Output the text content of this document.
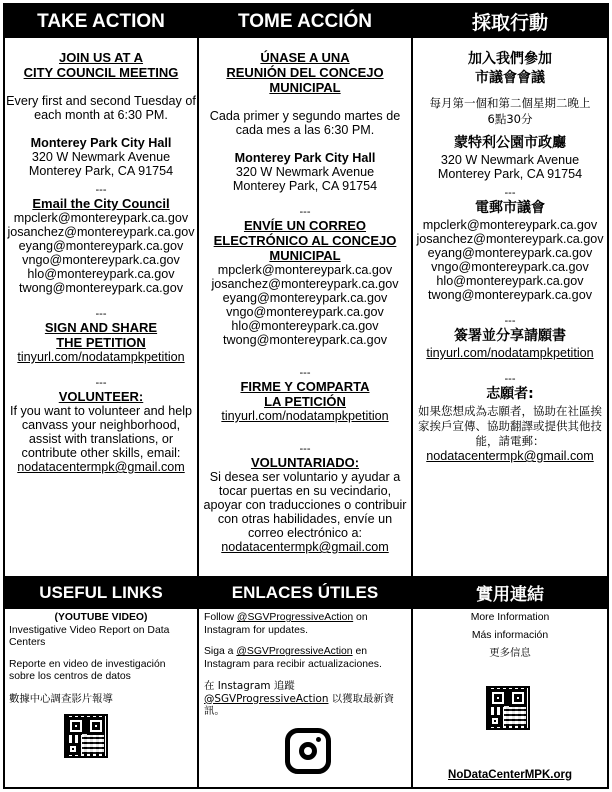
TAKE ACTION	TOME ACCIÓN	採取行動
JOIN US AT A
CITY COUNCIL MEETING
Every first and second Tuesday of each month at 6:30 PM.
Monterey Park City Hall
320 W Newmark Avenue
Monterey Park, CA 91754
---
Email the City Council
mpclerk@montereypark.ca.gov
josanchez@montereypark.ca.gov
eyang@montereypark.ca.gov
vngo@montereypark.ca.gov
hlo@montereypark.ca.gov
twong@montereypark.ca.gov
---
SIGN AND SHARE
THE PETITION
tinyurl.com/nodatampkpetition
---
VOLUNTEER:
If you want to volunteer and help canvass your neighborhood, assist with translations, or contribute other skills, email:
nodatacentermpk@gmail.com
ÚNASE A UNA
REUNIÓN DEL CONCEJO
MUNICIPAL
Cada primer y segundo martes de cada mes a las 6:30 PM.
Monterey Park City Hall
320 W Newmark Avenue
Monterey Park, CA 91754
---
ENVÍE UN CORREO
ELECTRÓNICO AL CONCEJO
MUNICIPAL
mpclerk@montereypark.ca.gov
josanchez@montereypark.ca.gov
eyang@montereypark.ca.gov
vngo@montereypark.ca.gov
hlo@montereypark.ca.gov
twong@montereypark.ca.gov
---
FIRME Y COMPARTA
LA PETICIÓN
tinyurl.com/nodatampkpetition
---
VOLUNTARIADO:
Si desea ser voluntario y ayudar a tocar puertas en su vecindario, apoyar con traducciones o contribuir con otras habilidades, envíe un correo electrónico a:
nodatacentermpk@gmail.com
加入我們參加
市議會會議
每月第一個和第二個星期二晚上6點30分
蒙特利公園市政廳
320 W Newmark Avenue
Monterey Park, CA 91754
---
電郵市議會
mpclerk@montereypark.ca.gov
josanchez@montereypark.ca.gov
eyang@montereypark.ca.gov
vngo@montereypark.ca.gov
hlo@montereypark.ca.gov
twong@montereypark.ca.gov
---
簽署並分享請願書
tinyurl.com/nodatampkpetition
---
志願者:
如果您想成為志願者，協助在社區挨家挨戶宣傳、協助翻譯或提供其他技能，請電郵：
nodatacentermpk@gmail.com
USEFUL LINKS	ENLACES ÚTILES	實用連結
(YOUTUBE VIDEO)
Investigative Video Report on Data Centers
Reporte en video de investigación sobre los centros de datos
數據中心調查影片報導
Follow @SGVProgressiveAction on Instagram for updates.
Siga a @SGVProgressiveAction en Instagram para recibir actualizaciones.
在 Instagram 追蹤 @SGVProgressiveAction 以獲取最新資訊。
More Information
Más información
更多信息
NoDataCenterMPK.org
